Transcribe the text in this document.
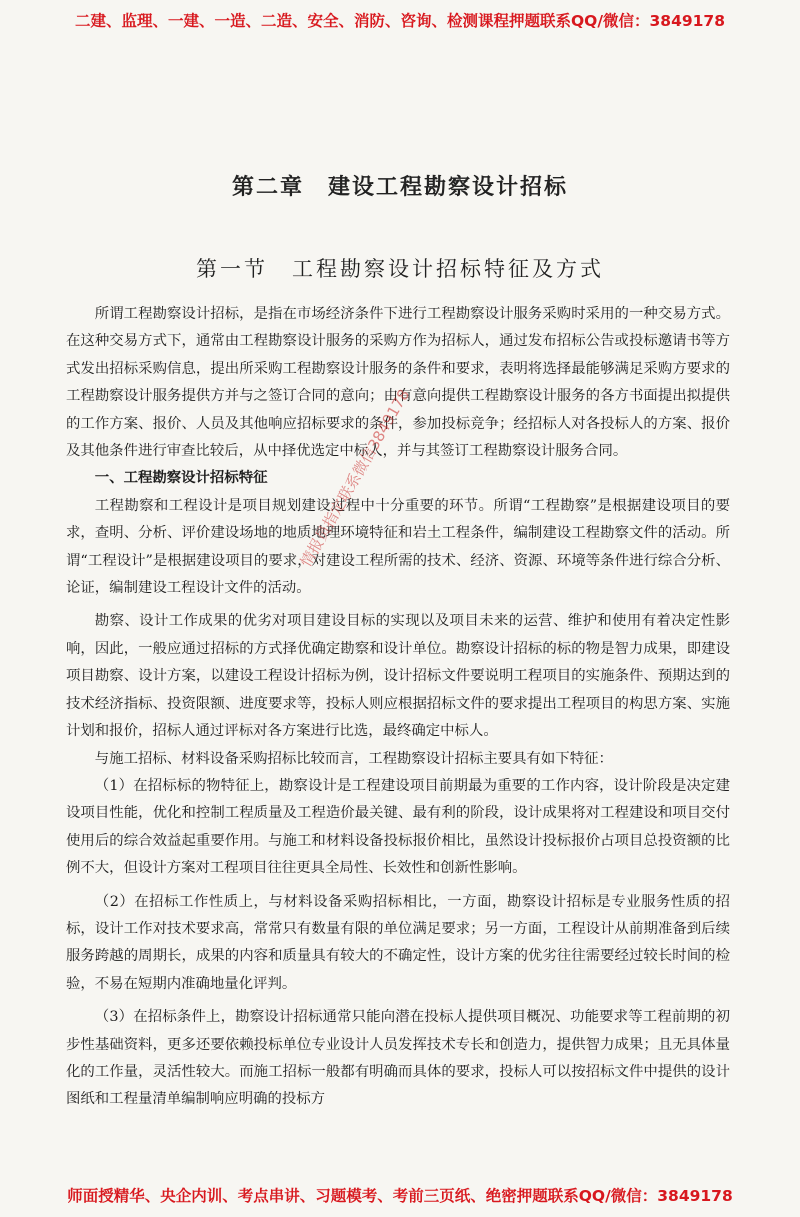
二建、监理、一建、一造、二造、安全、消防、咨询、检测课程押题联系QQ/微信：3849178
第二章　建设工程勘察设计招标
第一节　工程勘察设计招标特征及方式

所谓工程勘察设计招标，是指在市场经济条件下进行工程勘察设计服务采购时采用的一种交易方式。在这种交易方式下，通常由工程勘察设计服务的采购方作为招标人，通过发布招标公告或投标邀请书等方式发出招标采购信息，提出所采购工程勘察设计服务的条件和要求，表明将选择最能够满足采购方要求的工程勘察设计服务提供方并与之签订合同的意向；由有意向提供工程勘察设计服务的各方书面提出拟提供的工作方案、报价、人员及其他响应招标要求的条件，参加投标竞争；经招标人对各投标人的方案、报价及其他条件进行审查比较后，从中择优选定中标人，并与其签订工程勘察设计服务合同。

一、工程勘察设计招标特征

工程勘察和工程设计是项目规划建设过程中十分重要的环节。所谓“工程勘察”是根据建设项目的要求，查明、分析、评价建设场地的地质地理环境特征和岩土工程条件，编制建设工程勘察文件的活动。所谓“工程设计”是根据建设项目的要求，对建设工程所需的技术、经济、资源、环境等条件进行综合分析、论证，编制建设工程设计文件的活动。

勘察、设计工作成果的优劣对项目建设目标的实现以及项目未来的运营、维护和使用有着决定性影响，因此，一般应通过招标的方式择优确定勘察和设计单位。勘察设计招标的标的物是智力成果，即建设项目勘察、设计方案，以建设工程设计招标为例，设计招标文件要说明工程项目的实施条件、预期达到的技术经济指标、投资限额、进度要求等，投标人则应根据招标文件的要求提出工程项目的构思方案、实施计划和报价，招标人通过评标对各方案进行比选，最终确定中标人。

与施工招标、材料设备采购招标比较而言，工程勘察设计招标主要具有如下特征：

（1）在招标标的物特征上，勘察设计是工程建设项目前期最为重要的工作内容，设计阶段是决定建设项目性能，优化和控制工程质量及工程造价最关键、最有利的阶段，设计成果将对工程建设和项目交付使用后的综合效益起重要作用。与施工和材料设备投标报价相比，虽然设计投标报价占项目总投资额的比例不大，但设计方案对工程项目往往更具全局性、长效性和创新性影响。

（2）在招标工作性质上，与材料设备采购招标相比，一方面，勘察设计招标是专业服务性质的招标，设计工作对技术要求高，常常只有数量有限的单位满足要求；另一方面，工程设计从前期准备到后续服务跨越的周期长，成果的内容和质量具有较大的不确定性，设计方案的优劣往往需要经过较长时间的检验，不易在短期内准确地量化评判。

（3）在招标条件上，勘察设计招标通常只能向潜在投标人提供项目概况、功能要求等工程前期的初步性基础资料，更多还要依赖投标单位专业设计人员发挥技术专长和创造力，提供智力成果；且无具体量化的工作量，灵活性较大。而施工招标一般都有明确而具体的要求，投标人可以按招标文件中提供的设计图纸和工程量清单编制响应明确的投标方

情报员指定联系微信3849178
师面授精华、央企内训、考点串讲、习题模考、考前三页纸、绝密押题联系QQ/微信：3849178
